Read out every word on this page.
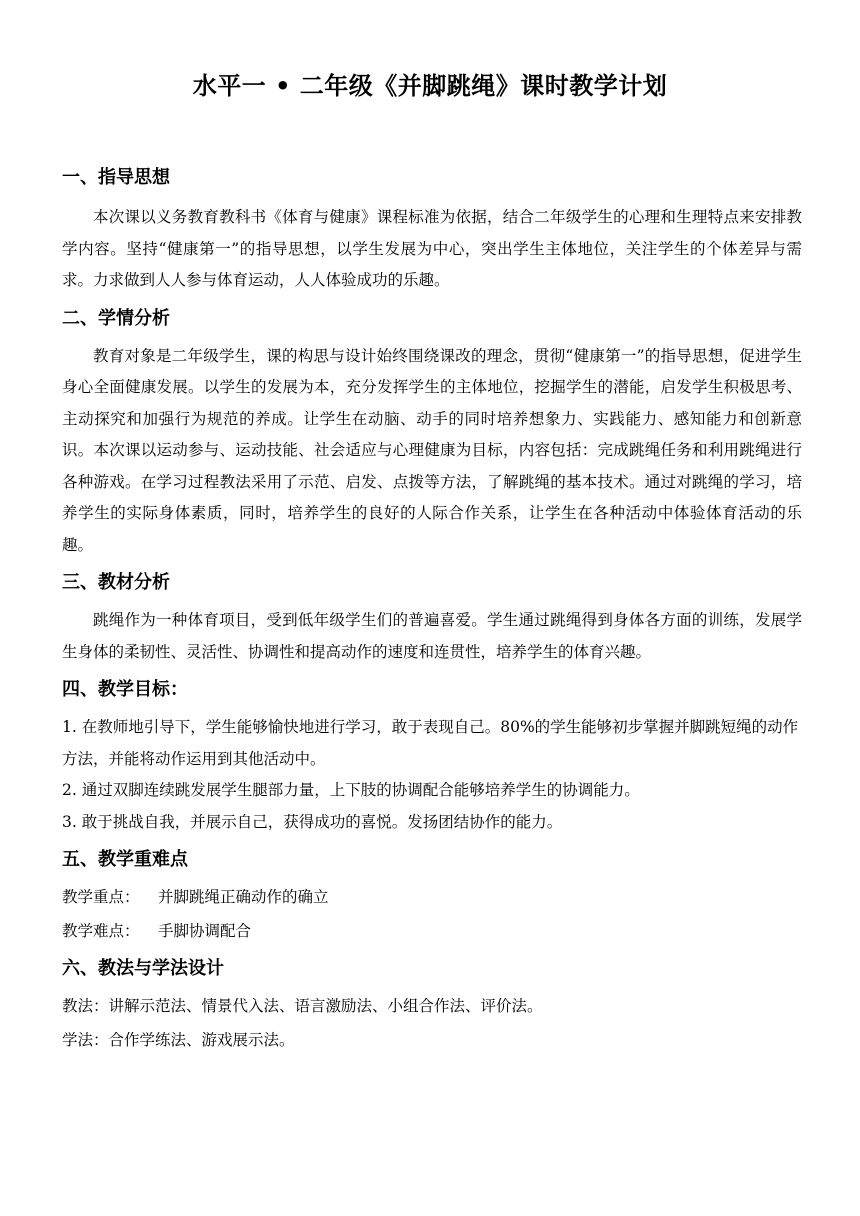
水平一 • 二年级《并脚跳绳》课时教学计划
一、指导思想

本次课以义务教育教科书《体育与健康》课程标准为依据，结合二年级学生的心理和生理特点来安排教学内容。坚持“健康第一”的指导思想，以学生发展为中心，突出学生主体地位，关注学生的个体差异与需求。力求做到人人参与体育运动，人人体验成功的乐趣。

二、学情分析

教育对象是二年级学生，课的构思与设计始终围绕课改的理念，贯彻“健康第一”的指导思想，促进学生身心全面健康发展。以学生的发展为本，充分发挥学生的主体地位，挖掘学生的潜能，启发学生积极思考、主动探究和加强行为规范的养成。让学生在动脑、动手的同时培养想象力、实践能力、感知能力和创新意识。本次课以运动参与、运动技能、社会适应与心理健康为目标，内容包括：完成跳绳任务和利用跳绳进行各种游戏。在学习过程教法采用了示范、启发、点拨等方法，了解跳绳的基本技术。通过对跳绳的学习，培养学生的实际身体素质，同时，培养学生的良好的人际合作关系，让学生在各种活动中体验体育活动的乐趣。

三、教材分析

跳绳作为一种体育项目，受到低年级学生们的普遍喜爱。学生通过跳绳得到身体各方面的训练，发展学生身体的柔韧性、灵活性、协调性和提高动作的速度和连贯性，培养学生的体育兴趣。

四、教学目标：

1. 在教师地引导下，学生能够愉快地进行学习，敢于表现自己。80%的学生能够初步掌握并脚跳短绳的动作方法，并能将动作运用到其他活动中。

2. 通过双脚连续跳发展学生腿部力量，上下肢的协调配合能够培养学生的协调能力。

3. 敢于挑战自我，并展示自己，获得成功的喜悦。发扬团结协作的能力。

五、教学重难点

教学重点： 并脚跳绳正确动作的确立

教学难点： 手脚协调配合

六、教法与学法设计

教法：讲解示范法、情景代入法、语言激励法、小组合作法、评价法。

学法：合作学练法、游戏展示法。
